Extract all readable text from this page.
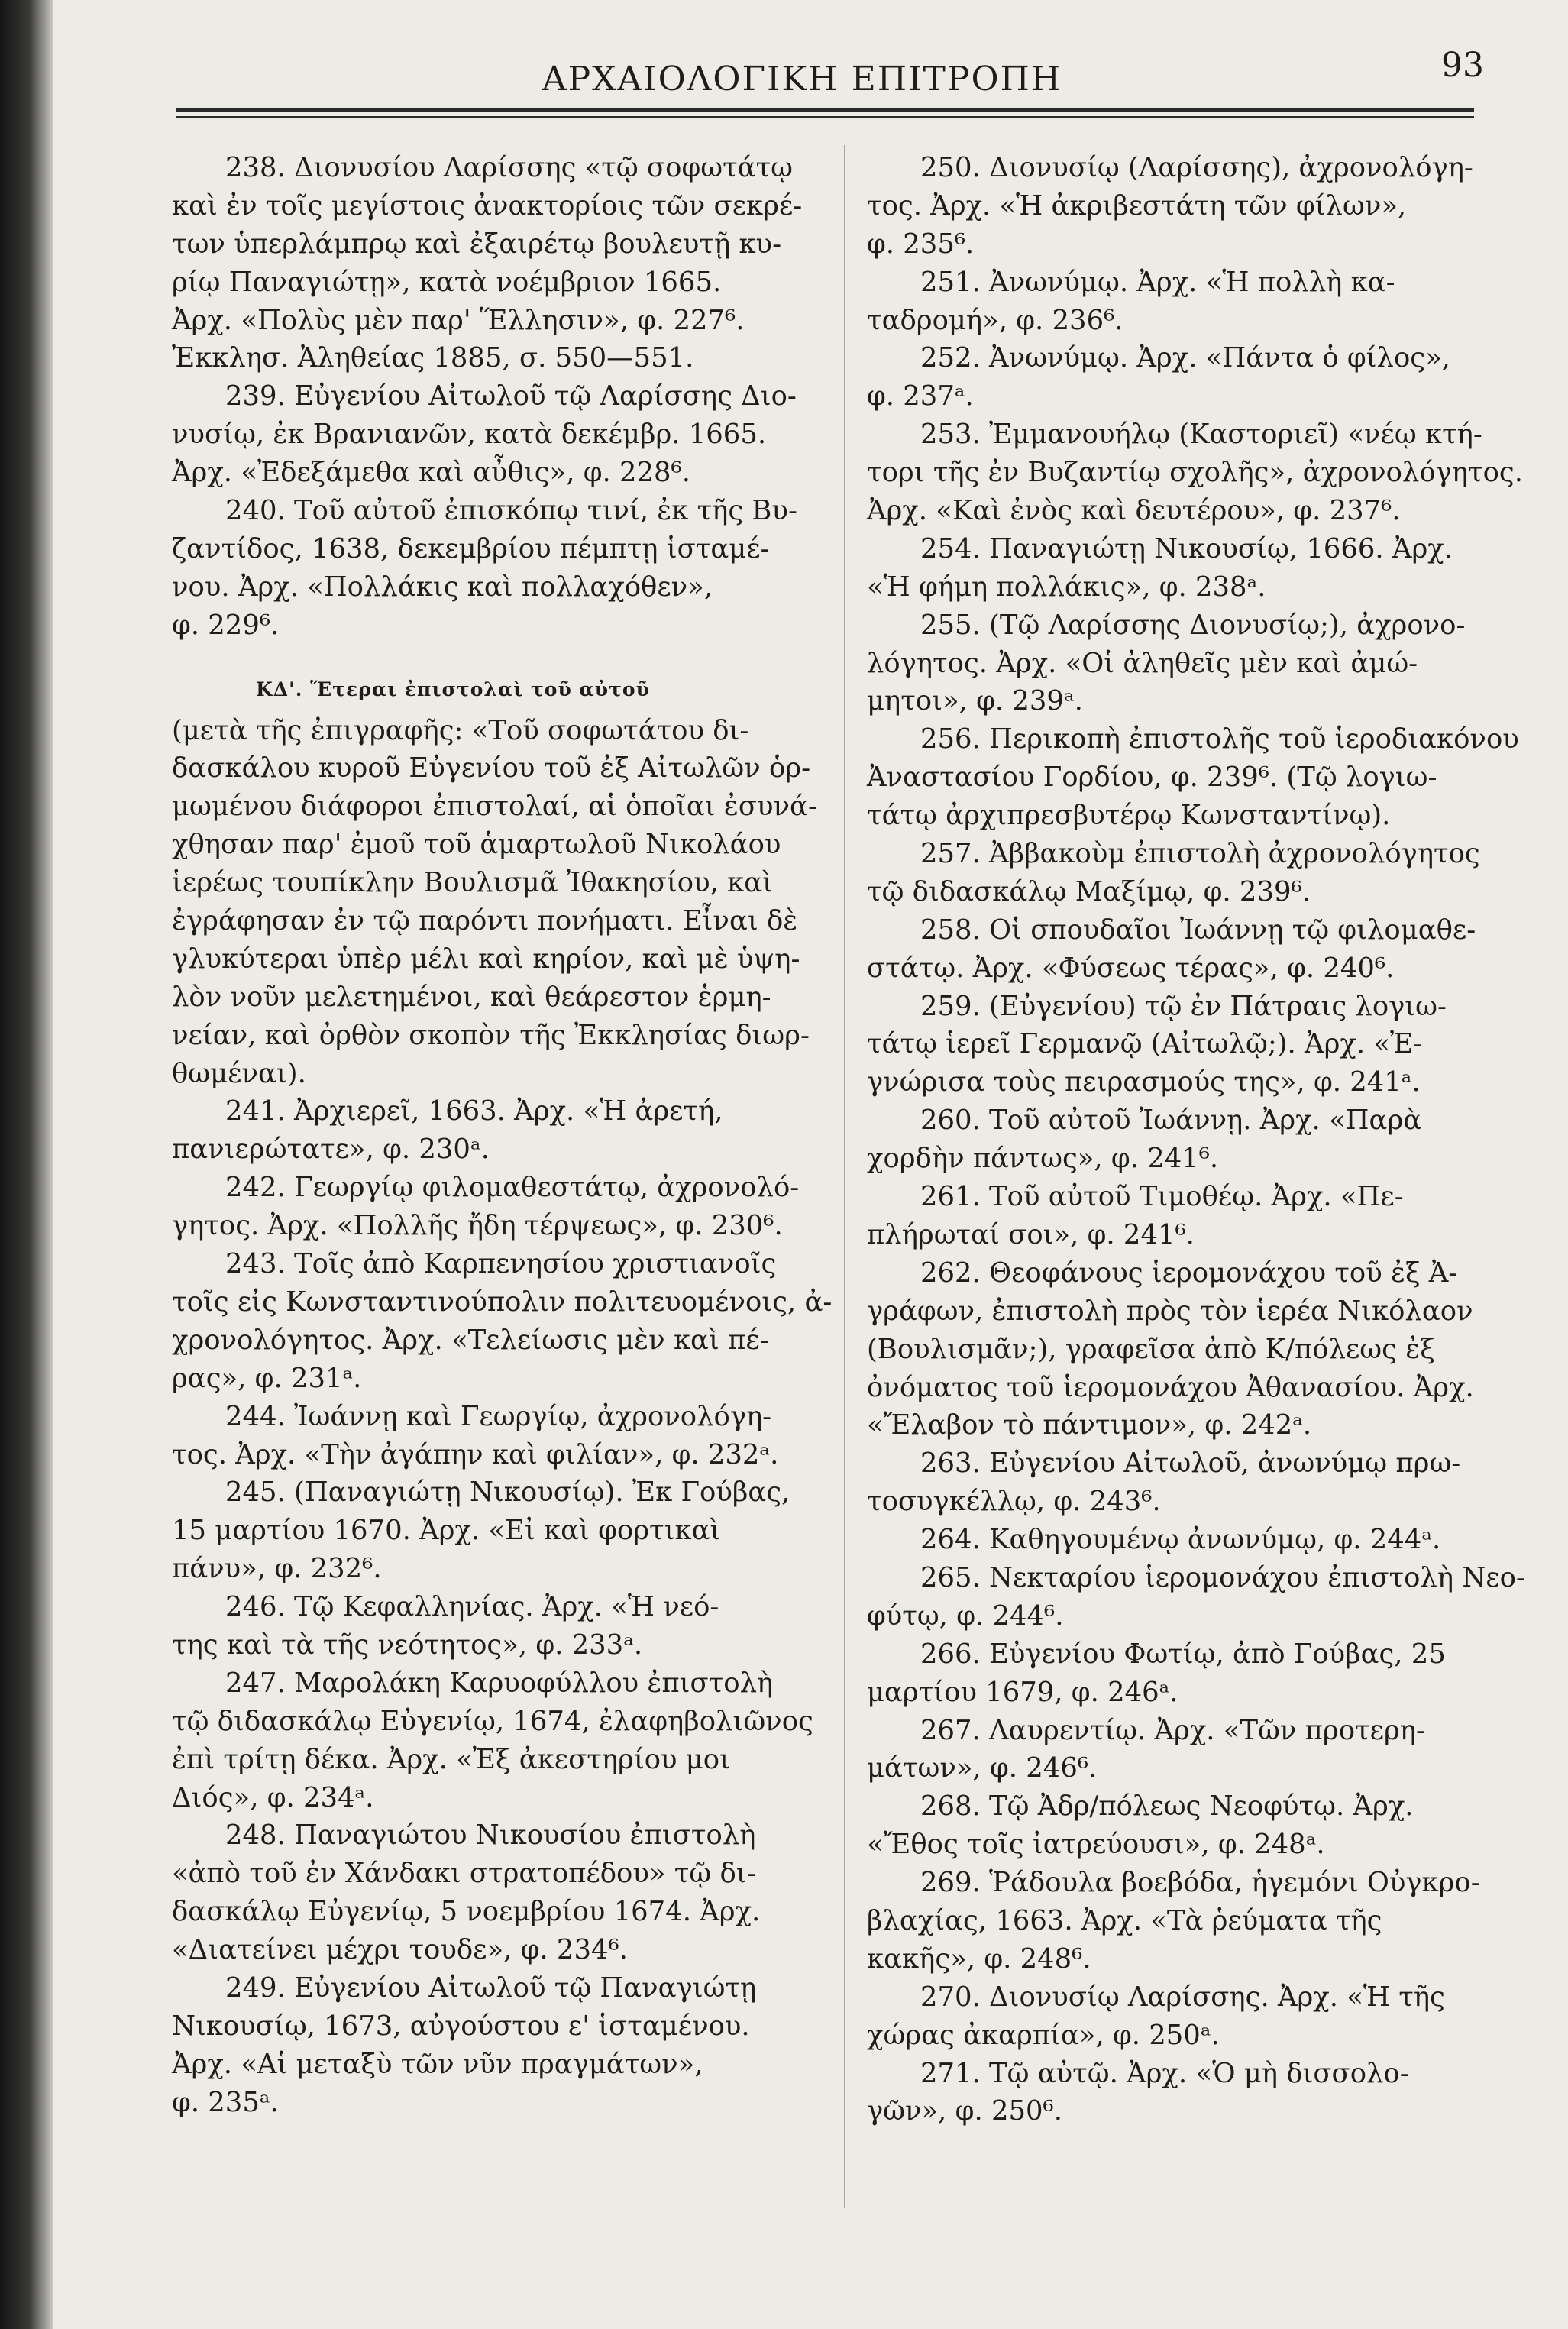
ΑΡΧΑΙΟΛΟΓΙΚΗ ΕΠΙΤΡΟΠΗ	93
238. Διονυσίου Λαρίσσης «τῷ σοφωτάτῳ
καὶ ἐν τοῖς μεγίστοις ἀνακτορίοις τῶν σεκρέ-
των ὑπερλάμπρῳ καὶ ἐξαιρέτῳ βουλευτῇ κυ-
ρίῳ Παναγιώτῃ», κατὰ νοέμβριον 1665.
Ἀρχ. «Πολὺς μὲν παρ' Ἕλλησιν», φ. 227⁶.
Ἐκκλησ. Ἀληθείας 1885, σ. 550—551.
239. Εὐγενίου Αἰτωλοῦ τῷ Λαρίσσης Διο-
νυσίῳ, ἐκ Βρανιανῶν, κατὰ δεκέμβρ. 1665.
Ἀρχ. «Ἐδεξάμεθα καὶ αὖθις», φ. 228⁶.
240. Τοῦ αὐτοῦ ἐπισκόπῳ τινί, ἐκ τῆς Βυ-
ζαντίδος, 1638, δεκεμβρίου πέμπτῃ ἱσταμέ-
νου. Ἀρχ. «Πολλάκις καὶ πολλαχόθεν»,
φ. 229⁶.
ΚΔ'. Ἕτεραι ἐπιστολαὶ τοῦ αὐτοῦ
(μετὰ τῆς ἐπιγραφῆς: «Τοῦ σοφωτάτου δι-
δασκάλου κυροῦ Εὐγενίου τοῦ ἐξ Αἰτωλῶν ὁρ-
μωμένου διάφοροι ἐπιστολαί, αἱ ὁποῖαι ἐσυνά-
χθησαν παρ' ἐμοῦ τοῦ ἁμαρτωλοῦ Νικολάου
ἱερέως τουπίκλην Βουλισμᾶ Ἰθακησίου, καὶ
ἐγράφησαν ἐν τῷ παρόντι πονήματι. Εἶναι δὲ
γλυκύτεραι ὑπὲρ μέλι καὶ κηρίον, καὶ μὲ ὑψη-
λὸν νοῦν μελετημένοι, καὶ θεάρεστον ἑρμη-
νείαν, καὶ ὀρθὸν σκοπὸν τῆς Ἐκκλησίας διωρ-
θωμέναι).
241. Ἀρχιερεῖ, 1663. Ἀρχ. «Ἡ ἀρετή,
πανιερώτατε», φ. 230ᵃ.
242. Γεωργίῳ φιλομαθεστάτῳ, ἀχρονολό-
γητος. Ἀρχ. «Πολλῆς ἤδη τέρψεως», φ. 230⁶.
243. Τοῖς ἀπὸ Καρπενησίου χριστιανοῖς
τοῖς εἰς Κωνσταντινούπολιν πολιτευομένοις, ἀ-
χρονολόγητος. Ἀρχ. «Τελείωσις μὲν καὶ πέ-
ρας», φ. 231ᵃ.
244. Ἰωάννῃ καὶ Γεωργίῳ, ἀχρονολόγη-
τος. Ἀρχ. «Τὴν ἀγάπην καὶ φιλίαν», φ. 232ᵃ.
245. (Παναγιώτῃ Νικουσίῳ). Ἐκ Γούβας,
15 μαρτίου 1670. Ἀρχ. «Εἰ καὶ φορτικαὶ
πάνυ», φ. 232⁶.
246. Τῷ Κεφαλληνίας. Ἀρχ. «Ἡ νεό-
της καὶ τὰ τῆς νεότητος», φ. 233ᵃ.
247. Μαρολάκη Καρυοφύλλου ἐπιστολὴ
τῷ διδασκάλῳ Εὐγενίῳ, 1674, ἐλαφηβολιῶνος
ἐπὶ τρίτῃ δέκα. Ἀρχ. «Ἐξ ἀκεστηρίου μοι
Διός», φ. 234ᵃ.
248. Παναγιώτου Νικουσίου ἐπιστολὴ
«ἀπὸ τοῦ ἐν Χάνδακι στρατοπέδου» τῷ δι-
δασκάλῳ Εὐγενίῳ, 5 νοεμβρίου 1674. Ἀρχ.
«Διατείνει μέχρι τουδε», φ. 234⁶.
249. Εὐγενίου Αἰτωλοῦ τῷ Παναγιώτῃ
Νικουσίῳ, 1673, αὐγούστου ε' ἱσταμένου.
Ἀρχ. «Αἱ μεταξὺ τῶν νῦν πραγμάτων»,
φ. 235ᵃ.
250. Διονυσίῳ (Λαρίσσης), ἀχρονολόγη-
τος. Ἀρχ. «Ἡ ἀκριβεστάτη τῶν φίλων»,
φ. 235⁶.
251. Ἀνωνύμῳ. Ἀρχ. «Ἡ πολλὴ κα-
ταδρομή», φ. 236⁶.
252. Ἀνωνύμῳ. Ἀρχ. «Πάντα ὁ φίλος»,
φ. 237ᵃ.
253. Ἐμμανουήλῳ (Καστοριεῖ) «νέῳ κτή-
τορι τῆς ἐν Βυζαντίῳ σχολῆς», ἀχρονολόγητος.
Ἀρχ. «Καὶ ἐνὸς καὶ δευτέρου», φ. 237⁶.
254. Παναγιώτῃ Νικουσίῳ, 1666. Ἀρχ.
«Ἡ φήμη πολλάκις», φ. 238ᵃ.
255. (Τῷ Λαρίσσης Διονυσίῳ;), ἀχρονο-
λόγητος. Ἀρχ. «Οἱ ἀληθεῖς μὲν καὶ ἀμώ-
μητοι», φ. 239ᵃ.
256. Περικοπὴ ἐπιστολῆς τοῦ ἱεροδιακόνου
Ἀναστασίου Γορδίου, φ. 239⁶. (Τῷ λογιω-
τάτῳ ἀρχιπρεσβυτέρῳ Κωνσταντίνῳ).
257. Ἀββακοὺμ ἐπιστολὴ ἀχρονολόγητος
τῷ διδασκάλῳ Μαξίμῳ, φ. 239⁶.
258. Οἱ σπουδαῖοι Ἰωάννῃ τῷ φιλομαθε-
στάτῳ. Ἀρχ. «Φύσεως τέρας», φ. 240⁶.
259. (Εὐγενίου) τῷ ἐν Πάτραις λογιω-
τάτῳ ἱερεῖ Γερμανῷ (Αἰτωλῷ;). Ἀρχ. «Ἐ-
γνώρισα τοὺς πειρασμούς της», φ. 241ᵃ.
260. Τοῦ αὐτοῦ Ἰωάννῃ. Ἀρχ. «Παρὰ
χορδὴν πάντως», φ. 241⁶.
261. Τοῦ αὐτοῦ Τιμοθέῳ. Ἀρχ. «Πε-
πλήρωταί σοι», φ. 241⁶.
262. Θεοφάνους ἱερομονάχου τοῦ ἐξ Ἀ-
γράφων, ἐπιστολὴ πρὸς τὸν ἱερέα Νικόλαον
(Βουλισμᾶν;), γραφεῖσα ἀπὸ Κ/πόλεως ἐξ
ὀνόματος τοῦ ἱερομονάχου Ἀθανασίου. Ἀρχ.
«Ἔλαβον τὸ πάντιμον», φ. 242ᵃ.
263. Εὐγενίου Αἰτωλοῦ, ἀνωνύμῳ πρω-
τοσυγκέλλῳ, φ. 243⁶.
264. Καθηγουμένῳ ἀνωνύμῳ, φ. 244ᵃ.
265. Νεκταρίου ἱερομονάχου ἐπιστολὴ Νεο-
φύτῳ, φ. 244⁶.
266. Εὐγενίου Φωτίῳ, ἀπὸ Γούβας, 25
μαρτίου 1679, φ. 246ᵃ.
267. Λαυρεντίῳ. Ἀρχ. «Τῶν προτερη-
μάτων», φ. 246⁶.
268. Τῷ Ἀδρ/πόλεως Νεοφύτῳ. Ἀρχ.
«Ἔθος τοῖς ἰατρεύουσι», φ. 248ᵃ.
269. Ῥάδουλα βοεβόδα, ἡγεμόνι Οὐγκρο-
βλαχίας, 1663. Ἀρχ. «Τὰ ῥεύματα τῆς
κακῆς», φ. 248⁶.
270. Διονυσίῳ Λαρίσσης. Ἀρχ. «Ἡ τῆς
χώρας ἀκαρπία», φ. 250ᵃ.
271. Τῷ αὐτῷ. Ἀρχ. «Ὁ μὴ δισσολο-
γῶν», φ. 250⁶.
